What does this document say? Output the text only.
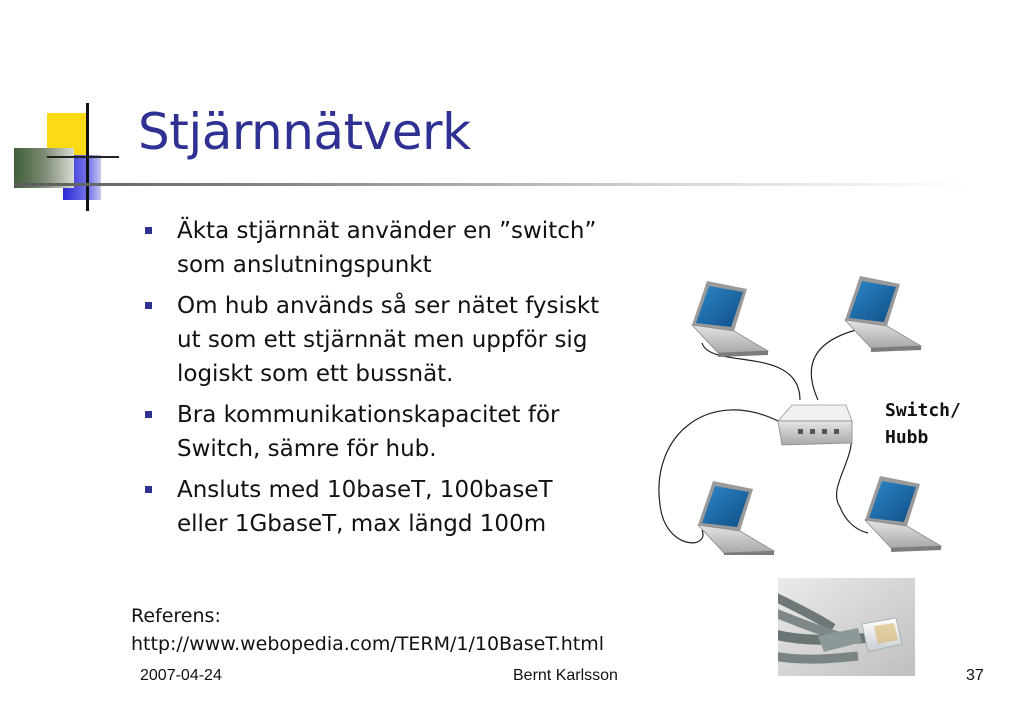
Stjärnnätverk
Äkta stjärnnät använder en ”switch” som anslutningspunkt
Om hub används så ser nätet fysiskt ut som ett stjärnnät men uppför sig logiskt som ett bussnät.
Bra kommunikationskapacitet för Switch, sämre för hub.
Ansluts med 10baseT, 100baseT eller 1GbaseT, max längd 100m
Referens:
http://www.webopedia.com/TERM/1/10BaseT.html
Switch/
Hubb
2007-04-24	Bernt Karlsson	37
